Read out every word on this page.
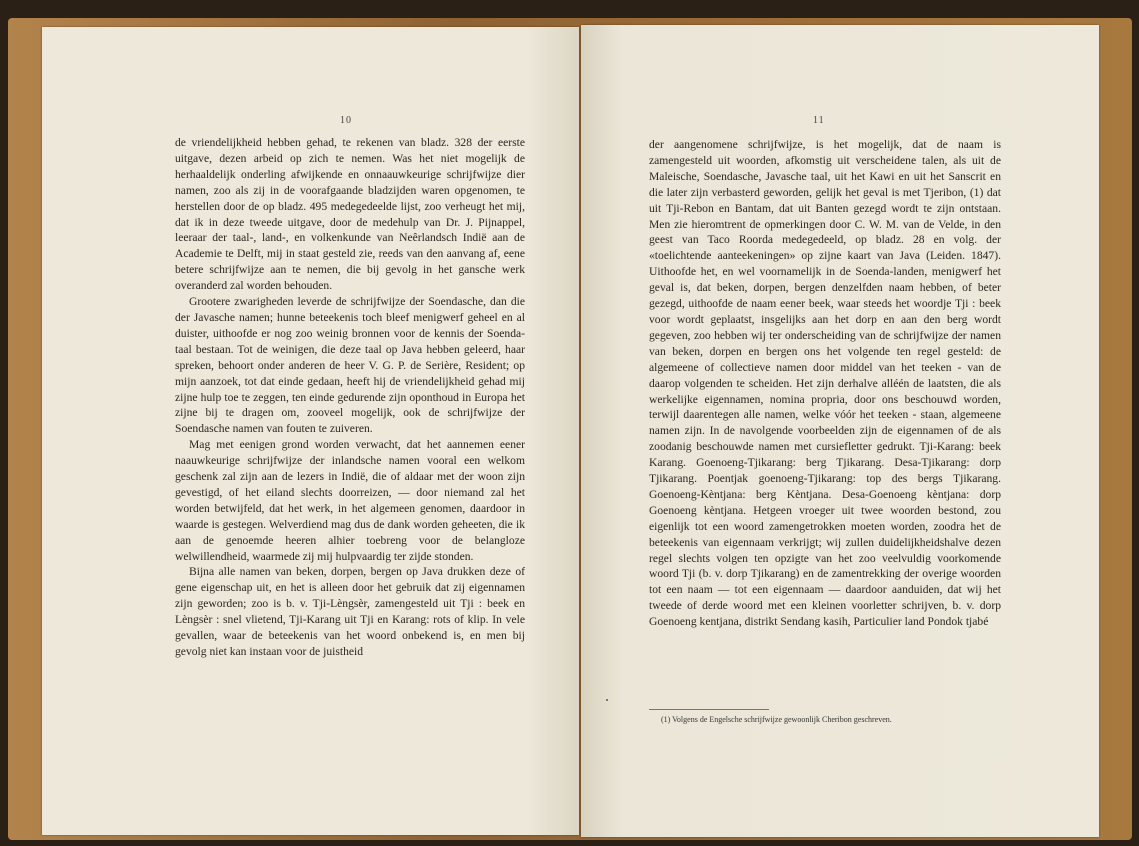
10

de vriendelijkheid hebben gehad, te rekenen van bladz. 328 der eerste uitgave, dezen arbeid op zich te nemen. Was het niet mogelijk de herhaaldelijk onderling afwijkende en onnaauwkeurige schrijfwijze dier namen, zoo als zij in de voorafgaande bladzijden waren opgenomen, te herstellen door de op bladz. 495 medegedeelde lijst, zoo verheugt het mij, dat ik in deze tweede uitgave, door de medehulp van Dr. J. Pijnappel, leeraar der taal-, land-, en volkenkunde van Neêrlandsch Indië aan de Academie te Delft, mij in staat gesteld zie, reeds van den aanvang af, eene betere schrijfwijze aan te nemen, die bij gevolg in het gansche werk overanderd zal worden behouden.

Grootere zwarigheden leverde de schrijfwijze der Soendasche, dan die der Javasche namen; hunne beteekenis toch bleef menigwerf geheel en al duister, uithoofde er nog zoo weinig bronnen voor de kennis der Soenda-taal bestaan. Tot de weinigen, die deze taal op Java hebben geleerd, haar spreken, behoort onder anderen de heer V. G. P. de Serière, Resident; op mijn aanzoek, tot dat einde gedaan, heeft hij de vriendelijkheid gehad mij zijne hulp toe te zeggen, ten einde gedurende zijn oponthoud in Europa het zijne bij te dragen om, zooveel mogelijk, ook de schrijfwijze der Soendasche namen van fouten te zuiveren.

Mag met eenigen grond worden verwacht, dat het aannemen eener naauwkeurige schrijfwijze der inlandsche namen vooral een welkom geschenk zal zijn aan de lezers in Indië, die of aldaar met der woon zijn gevestigd, of het eiland slechts doorreizen, — door niemand zal het worden betwijfeld, dat het werk, in het algemeen genomen, daardoor in waarde is gestegen. Welverdiend mag dus de dank worden geheeten, die ik aan de genoemde heeren alhier toebreng voor de belangloze welwillendheid, waarmede zij mij hulpvaardig ter zijde stonden.

Bijna alle namen van beken, dorpen, bergen op Java drukken deze of gene eigenschap uit, en het is alleen door het gebruik dat zij eigennamen zijn geworden; zoo is b. v. Tji-Lèngsèr, zamengesteld uit Tji : beek en Lèngsèr : snel vlietend, Tji-Karang uit Tji en Karang: rots of klip. In vele gevallen, waar de beteekenis van het woord onbekend is, en men bij gevolg niet kan instaan voor de juistheid

11

der aangenomene schrijfwijze, is het mogelijk, dat de naam is zamengesteld uit woorden, afkomstig uit verscheidene talen, als uit de Maleische, Soendasche, Javasche taal, uit het Kawi en uit het Sanscrit en die later zijn verbasterd geworden, gelijk het geval is met Tjeribon, (1) dat uit Tji-Rebon en Bantam, dat uit Banten gezegd wordt te zijn ontstaan. Men zie hieromtrent de opmerkingen door C. W. M. van de Velde, in den geest van Taco Roorda medegedeeld, op bladz. 28 en volg. der «toelichtende aanteekeningen» op zijne kaart van Java (Leiden. 1847). Uithoofde het, en wel voornamelijk in de Soenda-landen, menigwerf het geval is, dat beken, dorpen, bergen denzelfden naam hebben, of beter gezegd, uithoofde de naam eener beek, waar steeds het woordje Tji : beek voor wordt geplaatst, insgelijks aan het dorp en aan den berg wordt gegeven, zoo hebben wij ter onderscheiding van de schrijfwijze der namen van beken, dorpen en bergen ons het volgende ten regel gesteld: de algemeene of collectieve namen door middel van het teeken - van de daarop volgenden te scheiden. Het zijn derhalve alléén de laatsten, die als werkelijke eigennamen, nomina propria, door ons beschouwd worden, terwijl daarentegen alle namen, welke vóór het teeken - staan, algemeene namen zijn. In de navolgende voorbeelden zijn de eigennamen of de als zoodanig beschouwde namen met cursiefletter gedrukt. Tji-Karang: beek Karang. Goenoeng-Tjikarang: berg Tjikarang. Desa-Tjikarang: dorp Tjikarang. Poentjak goenoeng-Tjikarang: top des bergs Tjikarang. Goenoeng-Kèntjana: berg Kèntjana. Desa-Goenoeng kèntjana: dorp Goenoeng kèntjana. Hetgeen vroeger uit twee woorden bestond, zou eigenlijk tot een woord zamengetrokken moeten worden, zoodra het de beteekenis van eigennaam verkrijgt; wij zullen duidelijkheidshalve dezen regel slechts volgen ten opzigte van het zoo veelvuldig voorkomende woord Tji (b. v. dorp Tjikarang) en de zamentrekking der overige woorden tot een naam — tot een eigennaam — daardoor aanduiden, dat wij het tweede of derde woord met een kleinen voorletter schrijven, b. v. dorp Goenoeng kentjana, distrikt Sendang kasih, Particulier land Pondok tjabé

(1) Volgens de Engelsche schrijfwijze gewoonlijk Cheribon geschreven.
